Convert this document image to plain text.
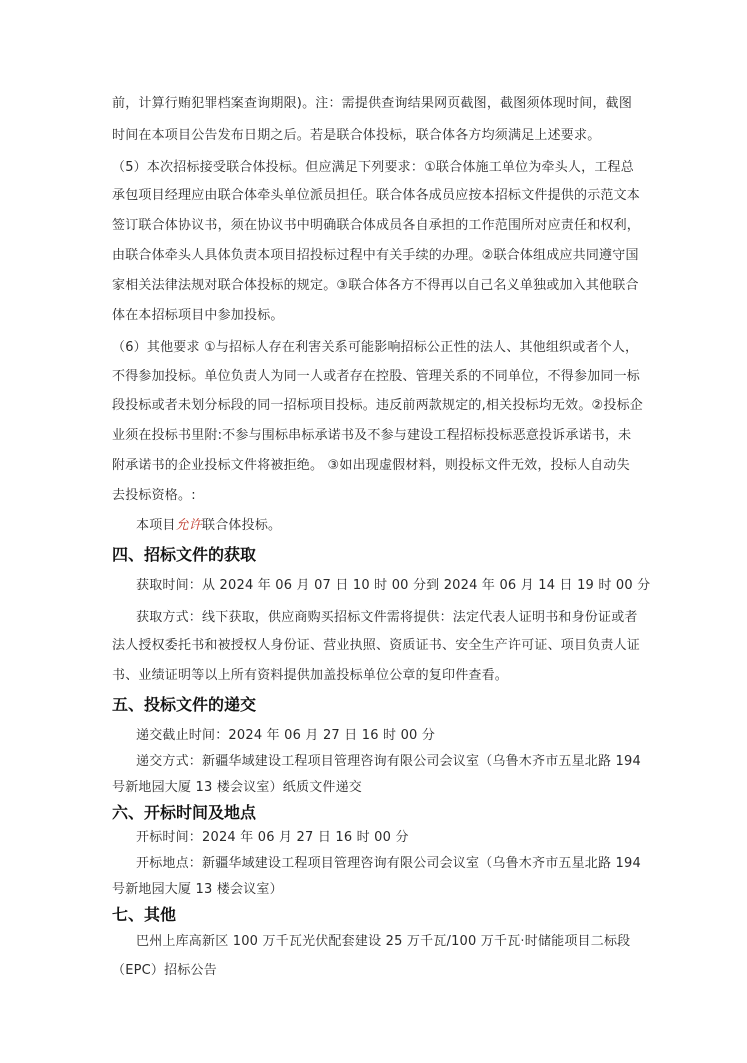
前，计算行贿犯罪档案查询期限)。注：需提供查询结果网页截图，截图须体现时间，截图
时间在本项目公告发布日期之后。若是联合体投标，联合体各方均须满足上述要求。
（5）本次招标接受联合体投标。但应满足下列要求：①联合体施工单位为牵头人，工程总
承包项目经理应由联合体牵头单位派员担任。联合体各成员应按本招标文件提供的示范文本
签订联合体协议书，须在协议书中明确联合体成员各自承担的工作范围所对应责任和权利，
由联合体牵头人具体负责本项目招投标过程中有关手续的办理。②联合体组成应共同遵守国
家相关法律法规对联合体投标的规定。③联合体各方不得再以自己名义单独或加入其他联合
体在本招标项目中参加投标。
（6）其他要求 ①与招标人存在利害关系可能影响招标公正性的法人、其他组织或者个人，
不得参加投标。单位负责人为同一人或者存在控股、管理关系的不同单位，不得参加同一标
段投标或者未划分标段的同一招标项目投标。违反前两款规定的,相关投标均无效。②投标企
业须在投标书里附:不参与围标串标承诺书及不参与建设工程招标投标恶意投诉承诺书，未
附承诺书的企业投标文件将被拒绝。 ③如出现虚假材料，则投标文件无效，投标人自动失
去投标资格。:
本项目允许联合体投标。
四、招标文件的获取
获取时间：从 2024 年 06 月 07 日 10 时 00 分到 2024 年 06 月 14 日 19 时 00 分
获取方式：线下获取，供应商购买招标文件需将提供：法定代表人证明书和身份证或者
法人授权委托书和被授权人身份证、营业执照、资质证书、安全生产许可证、项目负责人证
书、业绩证明等以上所有资料提供加盖投标单位公章的复印件查看。
五、投标文件的递交
递交截止时间：2024 年 06 月 27 日 16 时 00 分
递交方式：新疆华域建设工程项目管理咨询有限公司会议室（乌鲁木齐市五星北路 194
号新地园大厦 13 楼会议室）纸质文件递交
六、开标时间及地点
开标时间：2024 年 06 月 27 日 16 时 00 分
开标地点：新疆华域建设工程项目管理咨询有限公司会议室（乌鲁木齐市五星北路 194
号新地园大厦 13 楼会议室）
七、其他
巴州上库高新区 100 万千瓦光伏配套建设 25 万千瓦/100 万千瓦·时储能项目二标段
（EPC）招标公告
